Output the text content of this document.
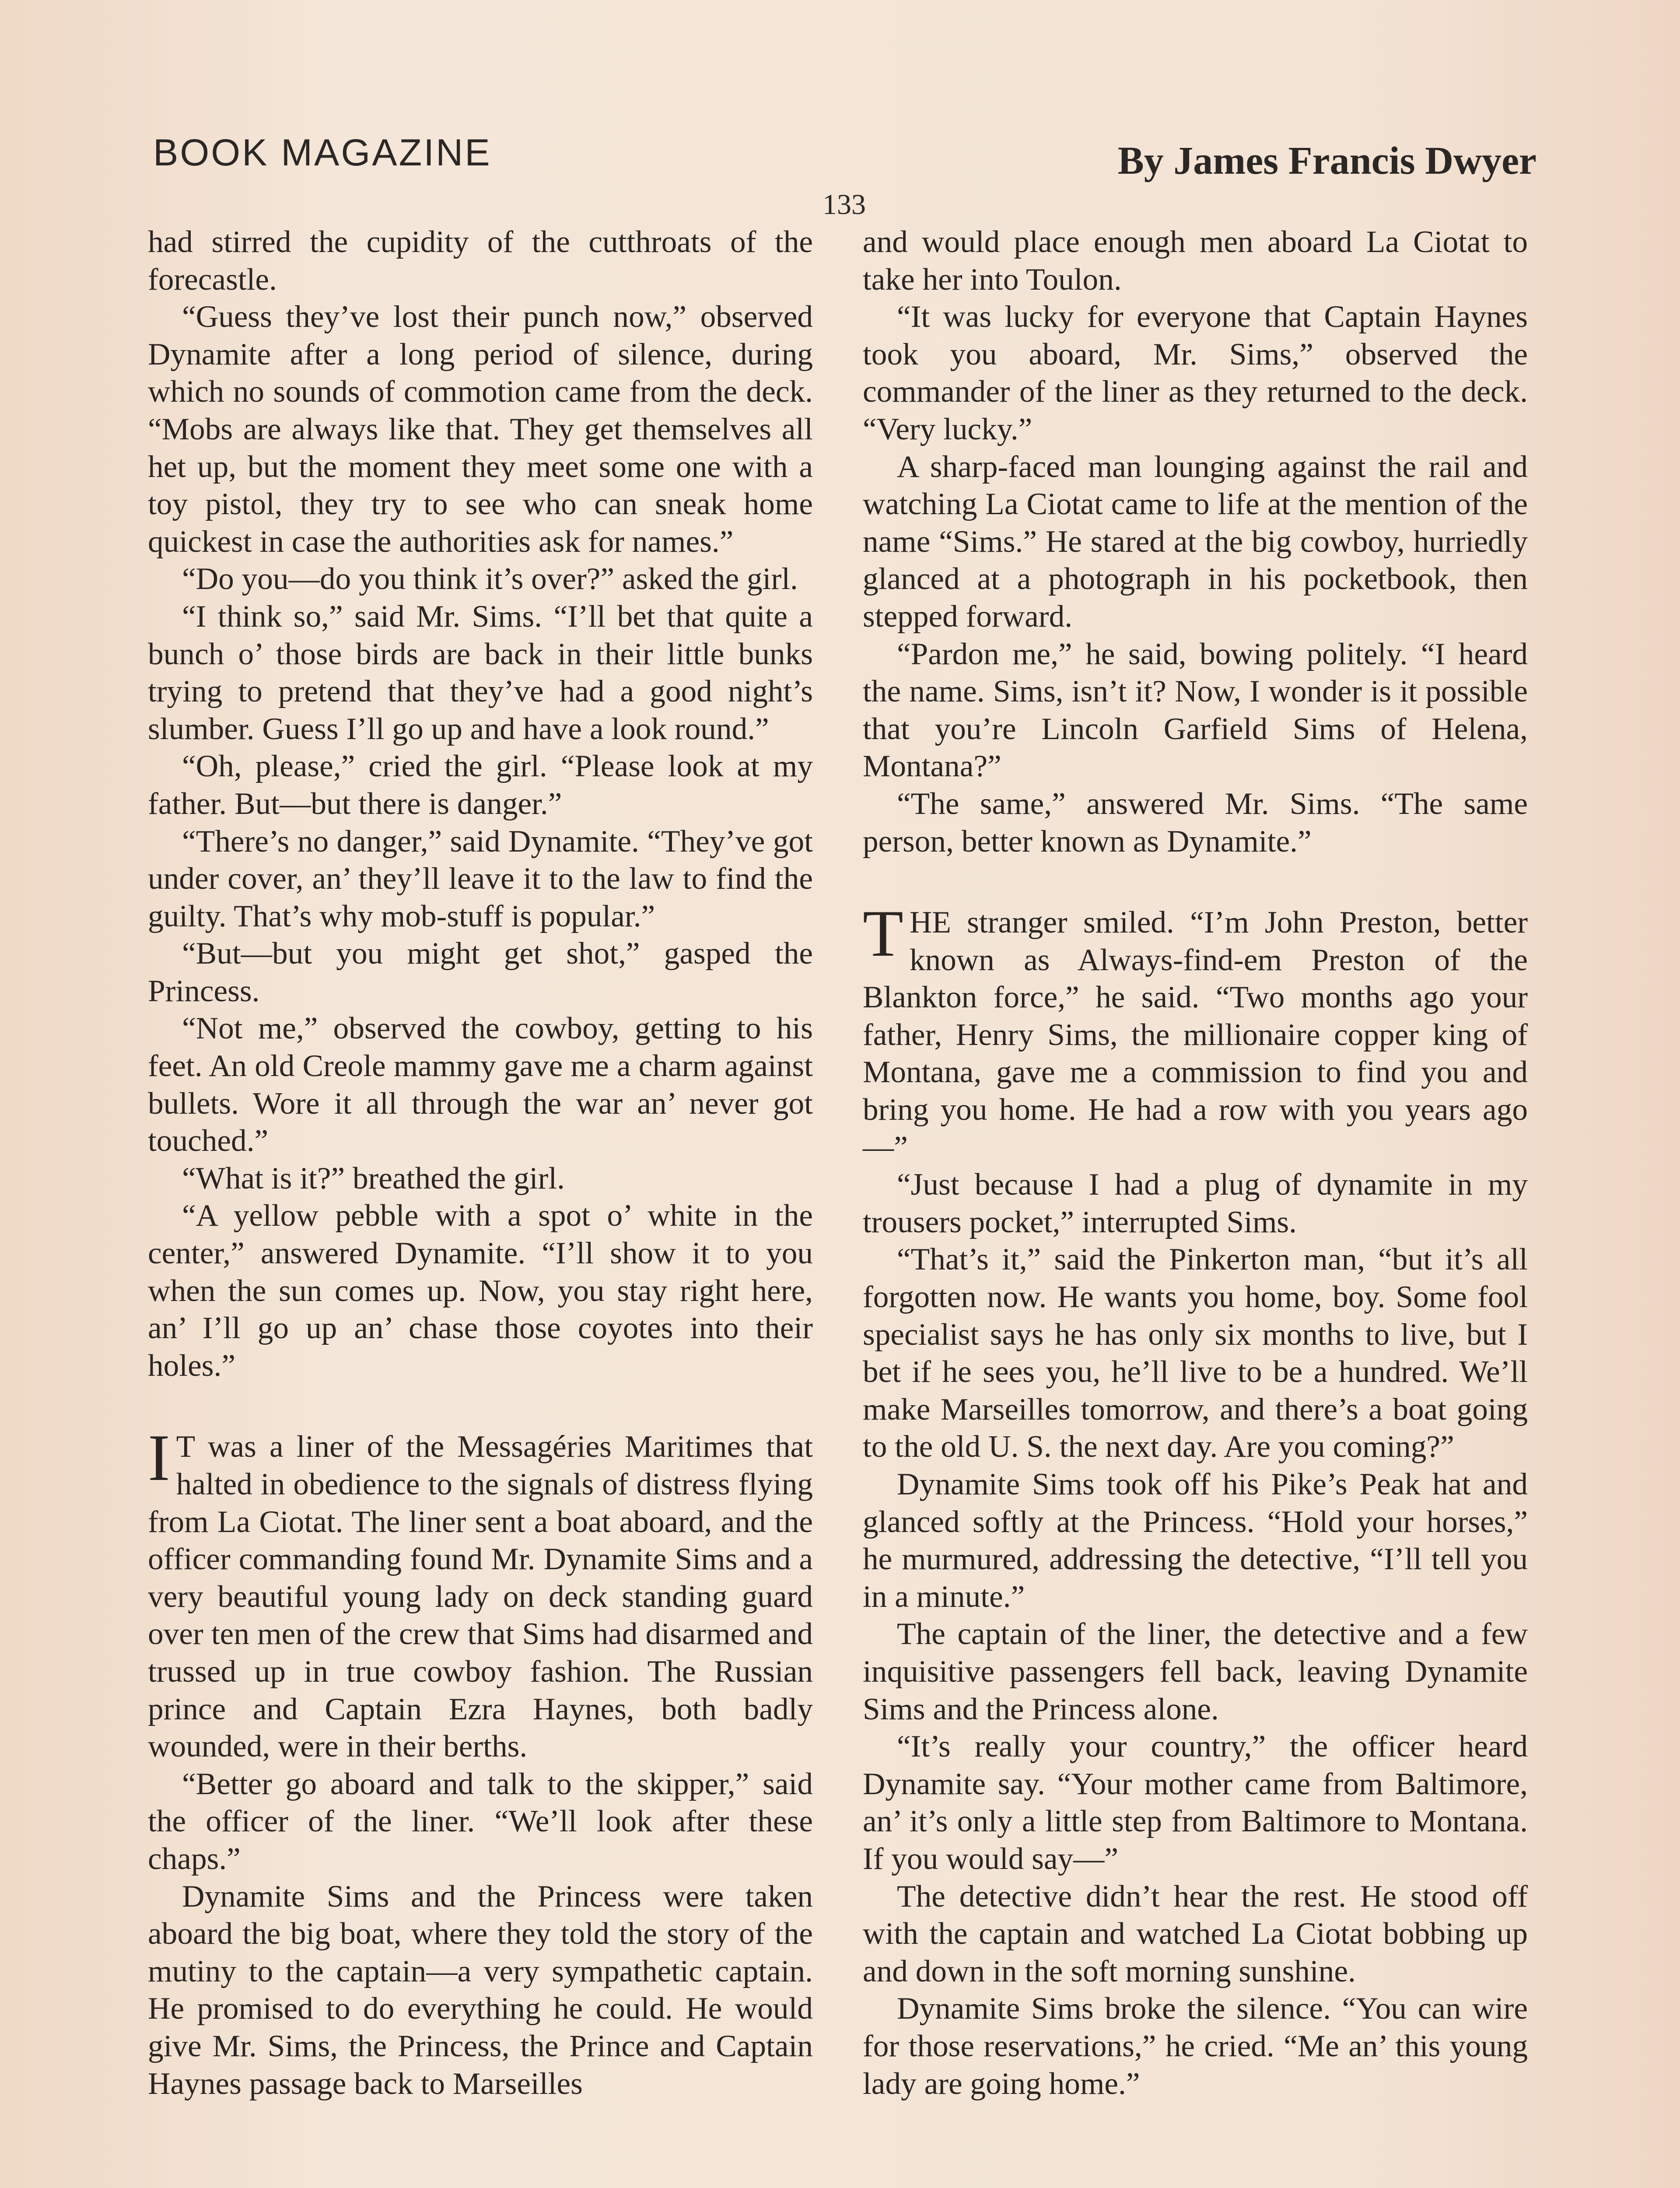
BOOK MAGAZINE	By James Francis Dwyer
133

had stirred the cupidity of the cutthroats of the forecastle.

“Guess they’ve lost their punch now,” observed Dynamite after a long period of silence, during which no sounds of commotion came from the deck. “Mobs are always like that. They get themselves all het up, but the moment they meet some one with a toy pistol, they try to see who can sneak home quickest in case the authorities ask for names.”

“Do you—do you think it’s over?” asked the girl.

“I think so,” said Mr. Sims. “I’ll bet that quite a bunch o’ those birds are back in their little bunks trying to pretend that they’ve had a good night’s slumber. Guess I’ll go up and have a look round.”

“Oh, please,” cried the girl. “Please look at my father. But—but there is danger.”

“There’s no danger,” said Dynamite. “They’ve got under cover, an’ they’ll leave it to the law to find the guilty. That’s why mob-stuff is popular.”

“But—but you might get shot,” gasped the Princess.

“Not me,” observed the cowboy, getting to his feet. An old Creole mammy gave me a charm against bullets. Wore it all through the war an’ never got touched.”

“What is it?” breathed the girl.

“A yellow pebble with a spot o’ white in the center,” answered Dynamite. “I’ll show it to you when the sun comes up. Now, you stay right here, an’ I’ll go up an’ chase those coyotes into their holes.”

I T was a liner of the Messagéries Maritimes that halted in obedience to the signals of distress flying from La Ciotat. The liner sent a boat aboard, and the officer commanding found Mr. Dynamite Sims and a very beautiful young lady on deck standing guard over ten men of the crew that Sims had disarmed and trussed up in true cowboy fashion. The Russian prince and Captain Ezra Haynes, both badly wounded, were in their berths.

“Better go aboard and talk to the skipper,” said the officer of the liner. “We’ll look after these chaps.”

Dynamite Sims and the Princess were taken aboard the big boat, where they told the story of the mutiny to the captain—a very sympathetic captain. He promised to do everything he could. He would give Mr. Sims, the Princess, the Prince and Captain Haynes passage back to Marseilles

and would place enough men aboard La Ciotat to take her into Toulon.

“It was lucky for everyone that Captain Haynes took you aboard, Mr. Sims,” observed the commander of the liner as they returned to the deck. “Very lucky.”

A sharp-faced man lounging against the rail and watching La Ciotat came to life at the mention of the name “Sims.” He stared at the big cowboy, hurriedly glanced at a photograph in his pocketbook, then stepped forward.

“Pardon me,” he said, bowing politely. “I heard the name. Sims, isn’t it? Now, I wonder is it possible that you’re Lincoln Garfield Sims of Helena, Montana?”

“The same,” answered Mr. Sims. “The same person, better known as Dynamite.”

THE stranger smiled. “I’m John Preston, better known as Always-find-em Preston of the Blankton force,” he said. “Two months ago your father, Henry Sims, the millionaire copper king of Montana, gave me a commission to find you and bring you home. He had a row with you years ago—”

“Just because I had a plug of dynamite in my trousers pocket,” interrupted Sims.

“That’s it,” said the Pinkerton man, “but it’s all forgotten now. He wants you home, boy. Some fool specialist says he has only six months to live, but I bet if he sees you, he’ll live to be a hundred. We’ll make Marseilles tomorrow, and there’s a boat going to the old U. S. the next day. Are you coming?”

Dynamite Sims took off his Pike’s Peak hat and glanced softly at the Princess. “Hold your horses,” he murmured, addressing the detective, “I’ll tell you in a minute.”

The captain of the liner, the detective and a few inquisitive passengers fell back, leaving Dynamite Sims and the Princess alone.

“It’s really your country,” the officer heard Dynamite say. “Your mother came from Baltimore, an’ it’s only a little step from Baltimore to Montana. If you would say—”

The detective didn’t hear the rest. He stood off with the captain and watched La Ciotat bobbing up and down in the soft morning sunshine.

Dynamite Sims broke the silence. “You can wire for those reservations,” he cried. “Me an’ this young lady are going home.”
